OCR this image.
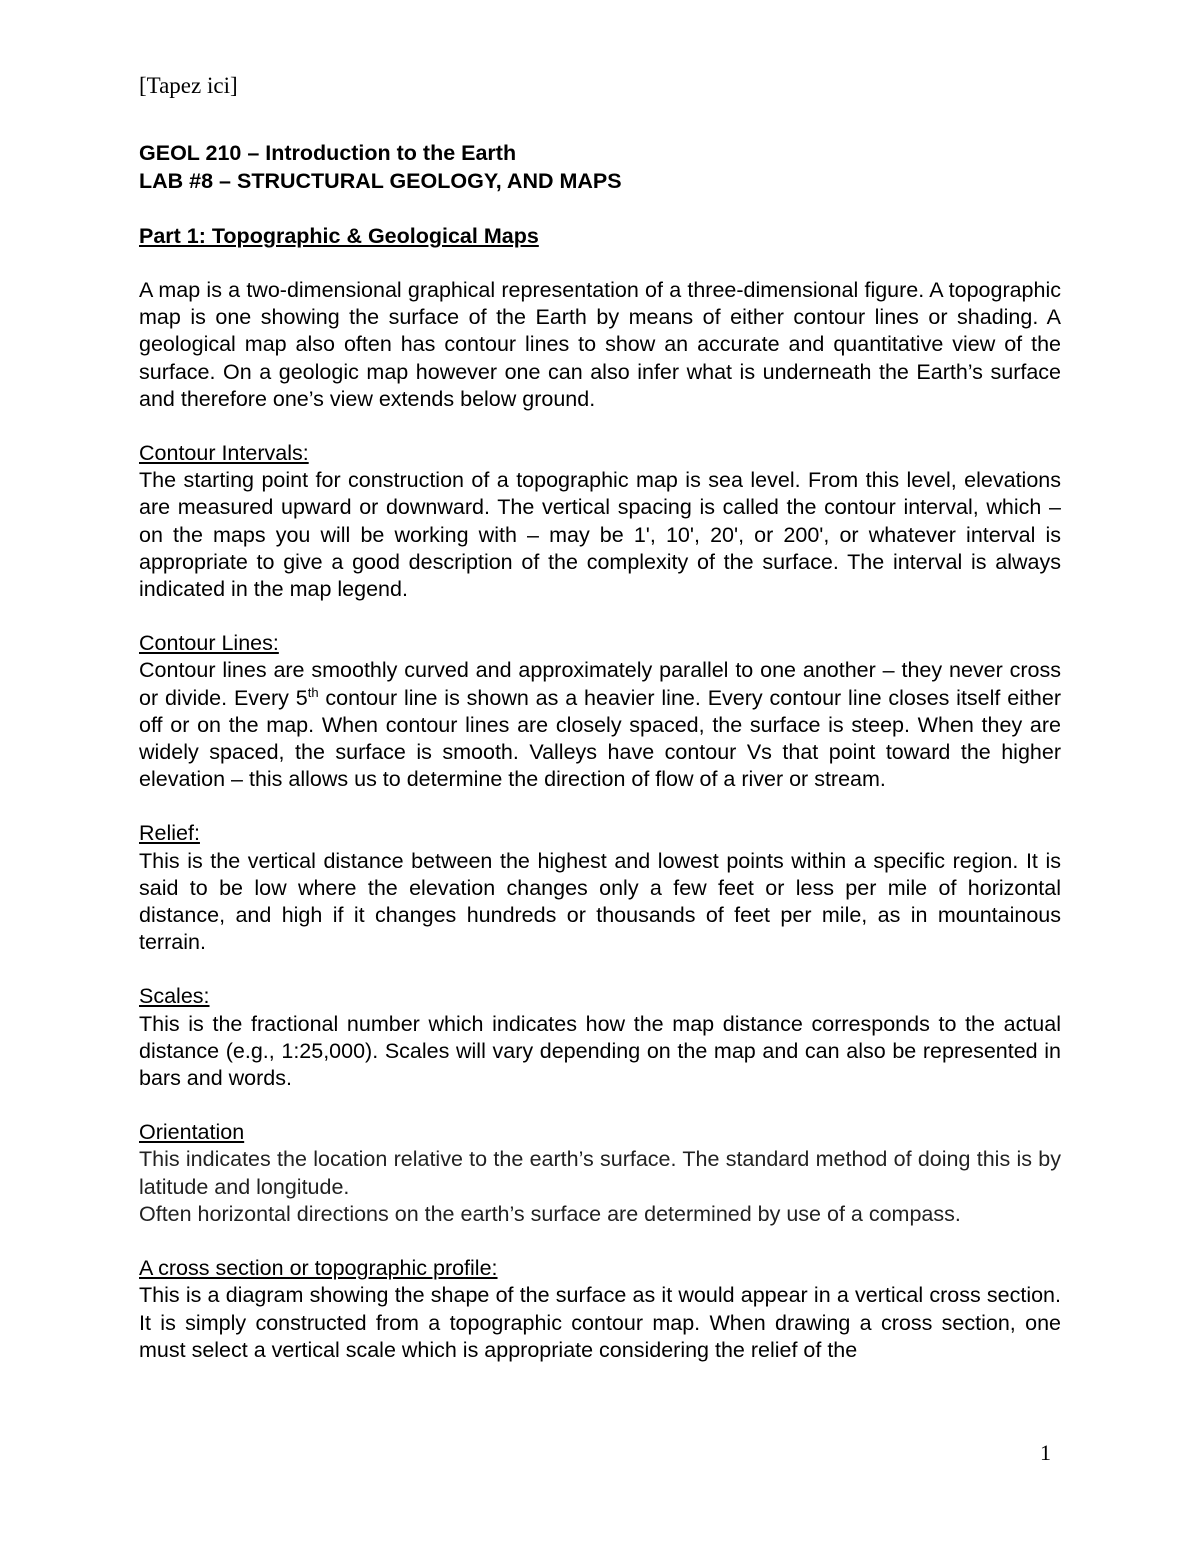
[Tapez ici]
GEOL 210 – Introduction to the Earth
LAB #8 – STRUCTURAL GEOLOGY, AND MAPS
Part 1: Topographic & Geological Maps
A map is a two-dimensional graphical representation of a three-dimensional figure. A topographic map is one showing the surface of the Earth by means of either contour lines or shading. A geological map also often has contour lines to show an accurate and quantitative view of the surface. On a geologic map however one can also infer what is underneath the Earth’s surface and therefore one’s view extends below ground.
Contour Intervals:
The starting point for construction of a topographic map is sea level. From this level, elevations are measured upward or downward. The vertical spacing is called the contour interval, which – on the maps you will be working with – may be 1', 10', 20', or 200', or whatever interval is appropriate to give a good description of the complexity of the surface. The interval is always indicated in the map legend.
Contour Lines:
Contour lines are smoothly curved and approximately parallel to one another – they never cross or divide. Every 5th contour line is shown as a heavier line. Every contour line closes itself either off or on the map. When contour lines are closely spaced, the surface is steep. When they are widely spaced, the surface is smooth. Valleys have contour Vs that point toward the higher elevation – this allows us to determine the direction of flow of a river or stream.
Relief:
This is the vertical distance between the highest and lowest points within a specific region. It is said to be low where the elevation changes only a few feet or less per mile of horizontal distance, and high if it changes hundreds or thousands of feet per mile, as in mountainous terrain.
Scales:
This is the fractional number which indicates how the map distance corresponds to the actual distance (e.g., 1:25,000). Scales will vary depending on the map and can also be represented in bars and words.
Orientation
This indicates the location relative to the earth’s surface. The standard method of doing this is by latitude and longitude.
Often horizontal directions on the earth’s surface are determined by use of a compass.
A cross section or topographic profile:
This is a diagram showing the shape of the surface as it would appear in a vertical cross section. It is simply constructed from a topographic contour map. When drawing a cross section, one must select a vertical scale which is appropriate considering the relief of the
1
